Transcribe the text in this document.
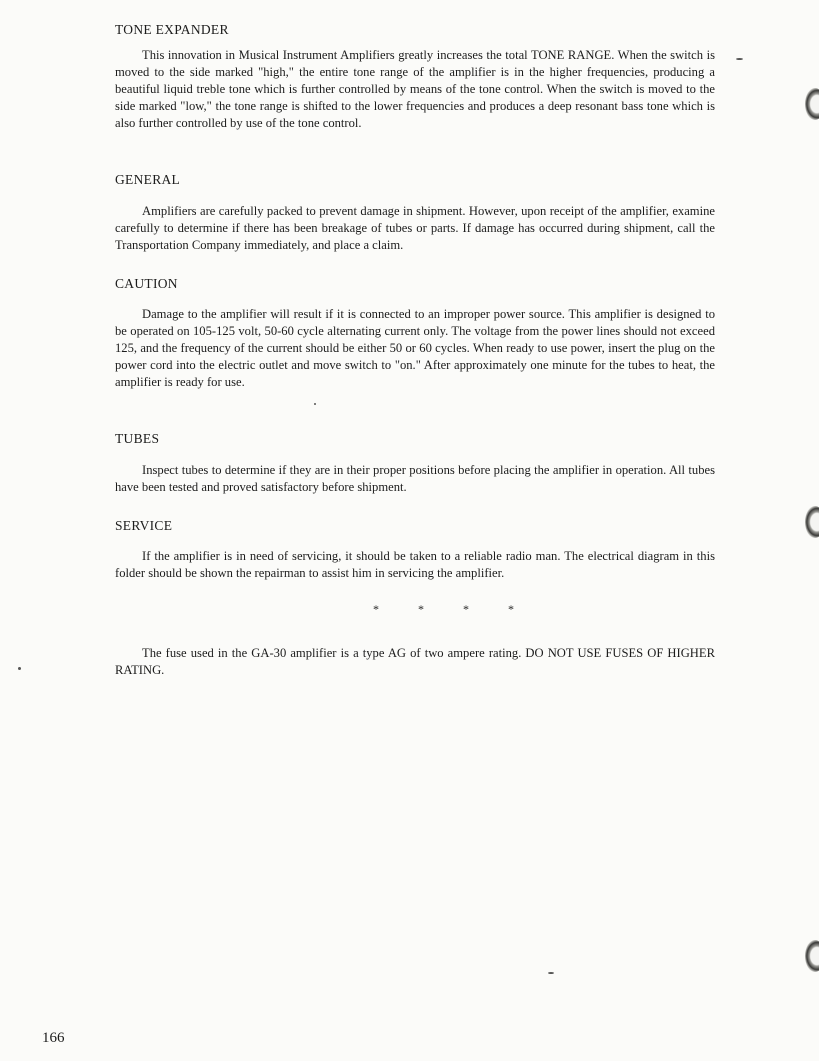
TONE EXPANDER

This innovation in Musical Instrument Amplifiers greatly increases the total TONE RANGE. When the switch is moved to the side marked "high," the entire tone range of the amplifier is in the higher frequencies, producing a beautiful liquid treble tone which is further controlled by means of the tone control. When the switch is moved to the side marked "low," the tone range is shifted to the lower frequencies and produces a deep resonant bass tone which is also further controlled by use of the tone control.

GENERAL

Amplifiers are carefully packed to prevent damage in shipment. However, upon receipt of the amplifier, examine carefully to determine if there has been breakage of tubes or parts. If damage has occurred during shipment, call the Transportation Company immediately, and place a claim.

CAUTION

Damage to the amplifier will result if it is connected to an improper power source. This amplifier is designed to be operated on 105-125 volt, 50-60 cycle alternating current only. The voltage from the power lines should not exceed 125, and the frequency of the current should be either 50 or 60 cycles. When ready to use power, insert the plug on the power cord into the electric outlet and move switch to "on." After approximately one minute for the tubes to heat, the amplifier is ready for use.

TUBES

Inspect tubes to determine if they are in their proper positions before placing the amplifier in operation. All tubes have been tested and proved satisfactory before shipment.

SERVICE

If the amplifier is in need of servicing, it should be taken to a reliable radio man. The electrical diagram in this folder should be shown the repairman to assist him in servicing the amplifier.

* * * *

The fuse used in the GA-30 amplifier is a type AG of two ampere rating. DO NOT USE FUSES OF HIGHER RATING.

166
